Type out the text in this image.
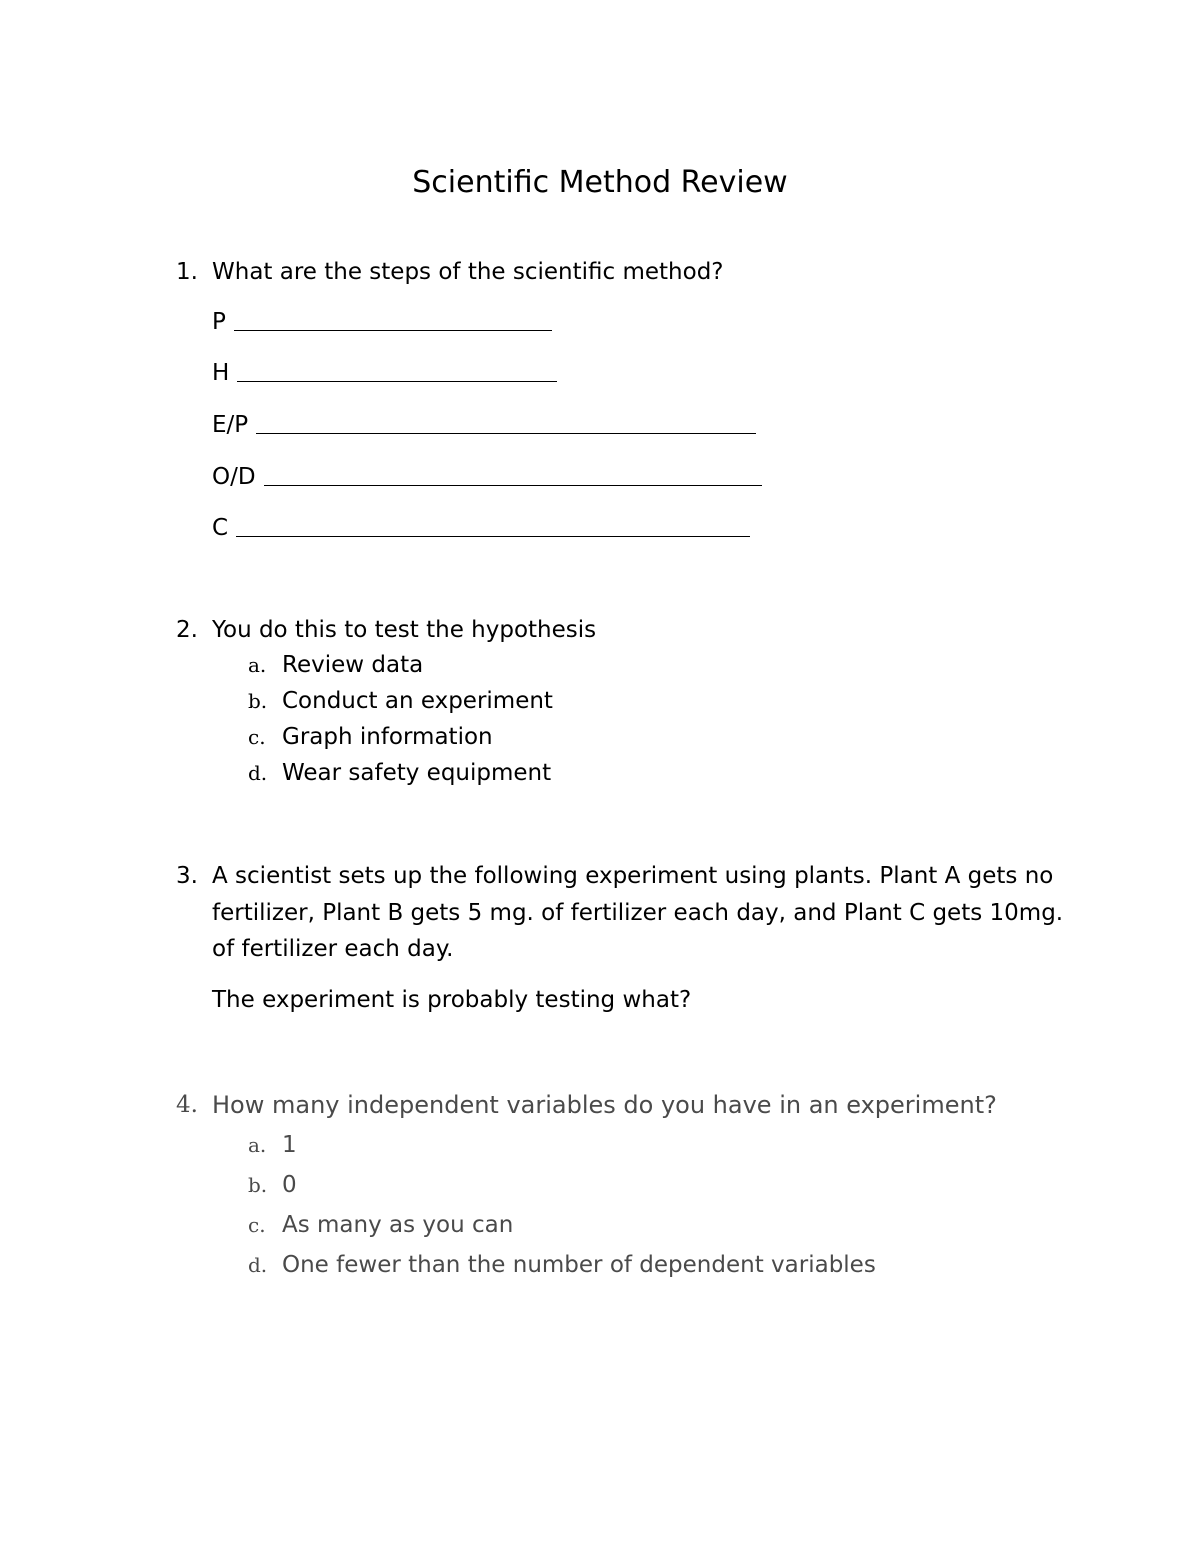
Scientific Method Review
1. What are the steps of the scientific method?
P
H
E/P
O/D
C
2. You do this to test the hypothesis
a. Review data
b. Conduct an experiment
c. Graph information
d. Wear safety equipment
3. A scientist sets up the following experiment using plants. Plant A gets no fertilizer, Plant B gets 5 mg. of fertilizer each day, and Plant C gets 10mg. of fertilizer each day.
The experiment is probably testing what?
4. How many independent variables do you have in an experiment?
a. 1
b. 0
c. As many as you can
d. One fewer than the number of dependent variables
